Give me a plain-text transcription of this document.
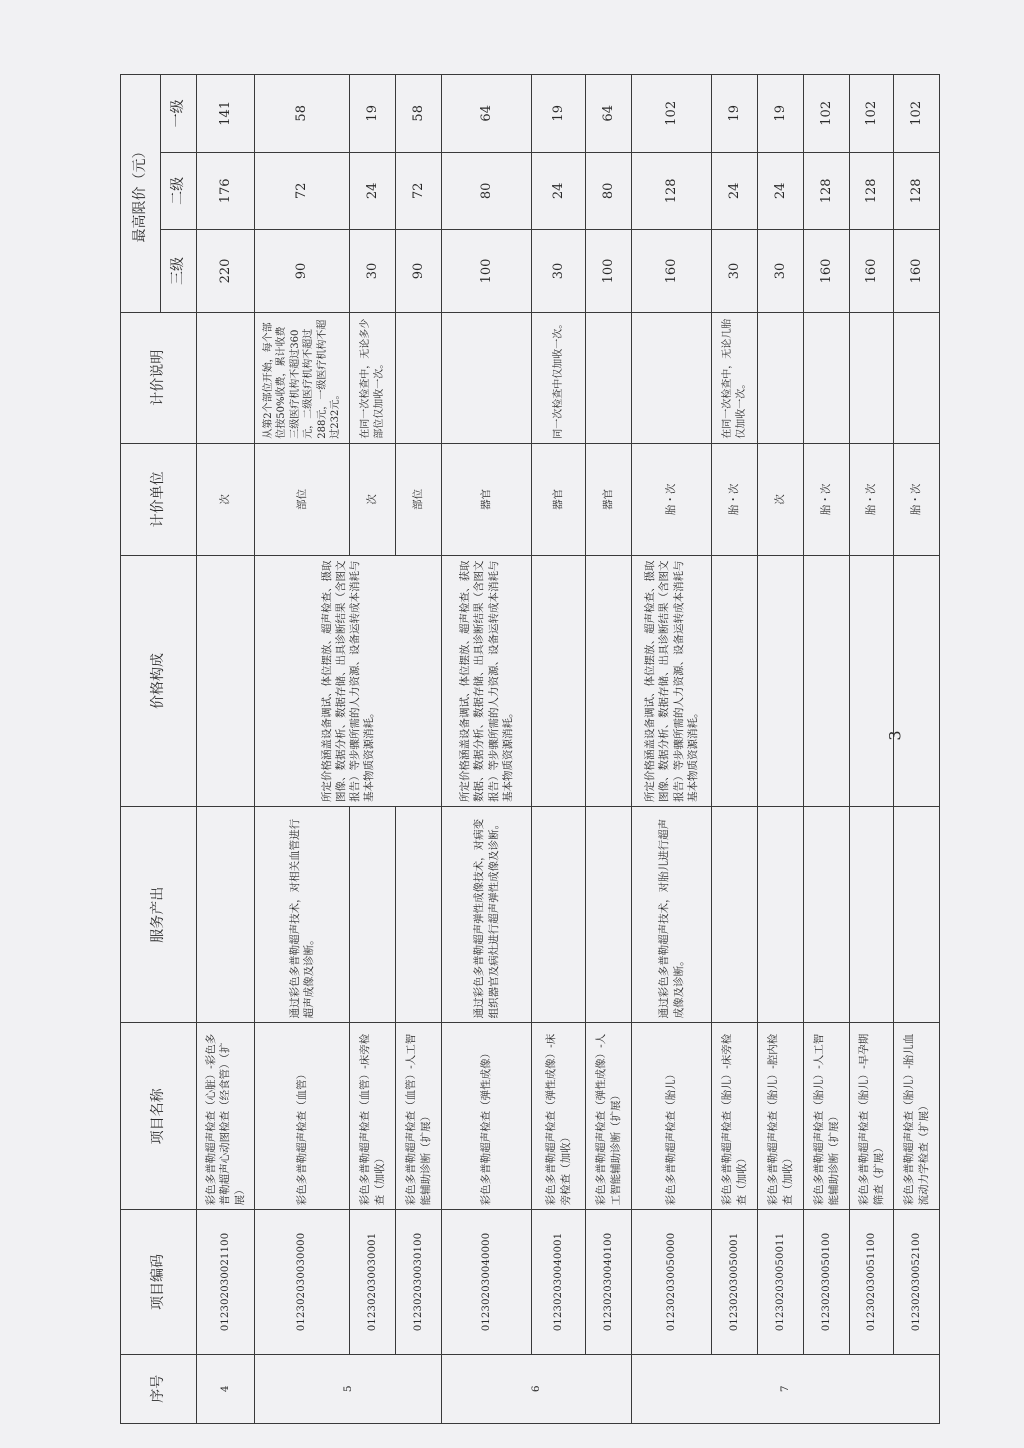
序号	项目编码	项目名称	服务产出	价格构成	计价单位	计价说明	最高限价（元）		
							三级	二级	一级
4	012302030021100	彩色多普勒超声检查（心脏）-彩色多普勒超声心动图检查（经食管）（扩展）			次		220	176	141
5	012302030030000	彩色多普勒超声检查（血管）	通过彩色多普勒超声技术，对相关血管进行超声成像及诊断。	所定价格涵盖设备调试、体位摆放、超声检查、摄取图像、数据分析、数据存储、出具诊断结果（含图文报告）等步骤所需的人力资源、设备运转成本消耗与基本物质资源消耗。	部位	从第2个部位开始，每个部位按50%收费，累计收费三级医疗机构不超过360元，二级医疗机构不超过288元，一级医疗机构不超过232元。	90	72	58
	012302030030001	彩色多普勒超声检查（血管）-床旁检查（加收）			次	在同一次检查中，无论多少部位仅加收一次。	30	24	19
	012302030030100	彩色多普勒超声检查（血管）-人工智能辅助诊断（扩展）			部位		90	72	58
6	012302030040000	彩色多普勒超声检查（弹性成像）	通过彩色多普勒超声弹性成像技术，对病变组织器官及病灶进行超声弹性成像及诊断。	所定价格涵盖设备调试、体位摆放、超声检查、获取数据、数据分析、数据存储、出具诊断结果（含图文报告）等步骤所需的人力资源、设备运转成本消耗与基本物质资源消耗。	器官		100	80	64
	012302030040001	彩色多普勒超声检查（弹性成像）-床旁检查（加收）			器官	同一次检查中仅加收一次。	30	24	19
	012302030040100	彩色多普勒超声检查（弹性成像）-人工智能辅助诊断（扩展）			器官		100	80	64
7	012302030050000	彩色多普勒超声检查（胎儿）	通过彩色多普勒超声技术，对胎儿进行超声成像及诊断。	所定价格涵盖设备调试、体位摆放、超声检查、摄取图像、数据分析、数据存储、出具诊断结果（含图文报告）等步骤所需的人力资源、设备运转成本消耗与基本物质资源消耗。	胎・次		160	128	102
	012302030050001	彩色多普勒超声检查（胎儿）-床旁检查（加收）			胎・次	在同一次检查中，无论几胎仅加收一次。	30	24	19
	012302030050011	彩色多普勒超声检查（胎儿）-腔内检查（加收）			次		30	24	19
	012302030050100	彩色多普勒超声检查（胎儿）-人工智能辅助诊断（扩展）			胎・次		160	128	102
	012302030051100	彩色多普勒超声检查（胎儿）-早孕期筛查（扩展）			胎・次		160	128	102
	012302030052100	彩色多普勒超声检查（胎儿）-胎儿血流动力学检查（扩展）			胎・次		160	128	102
3
